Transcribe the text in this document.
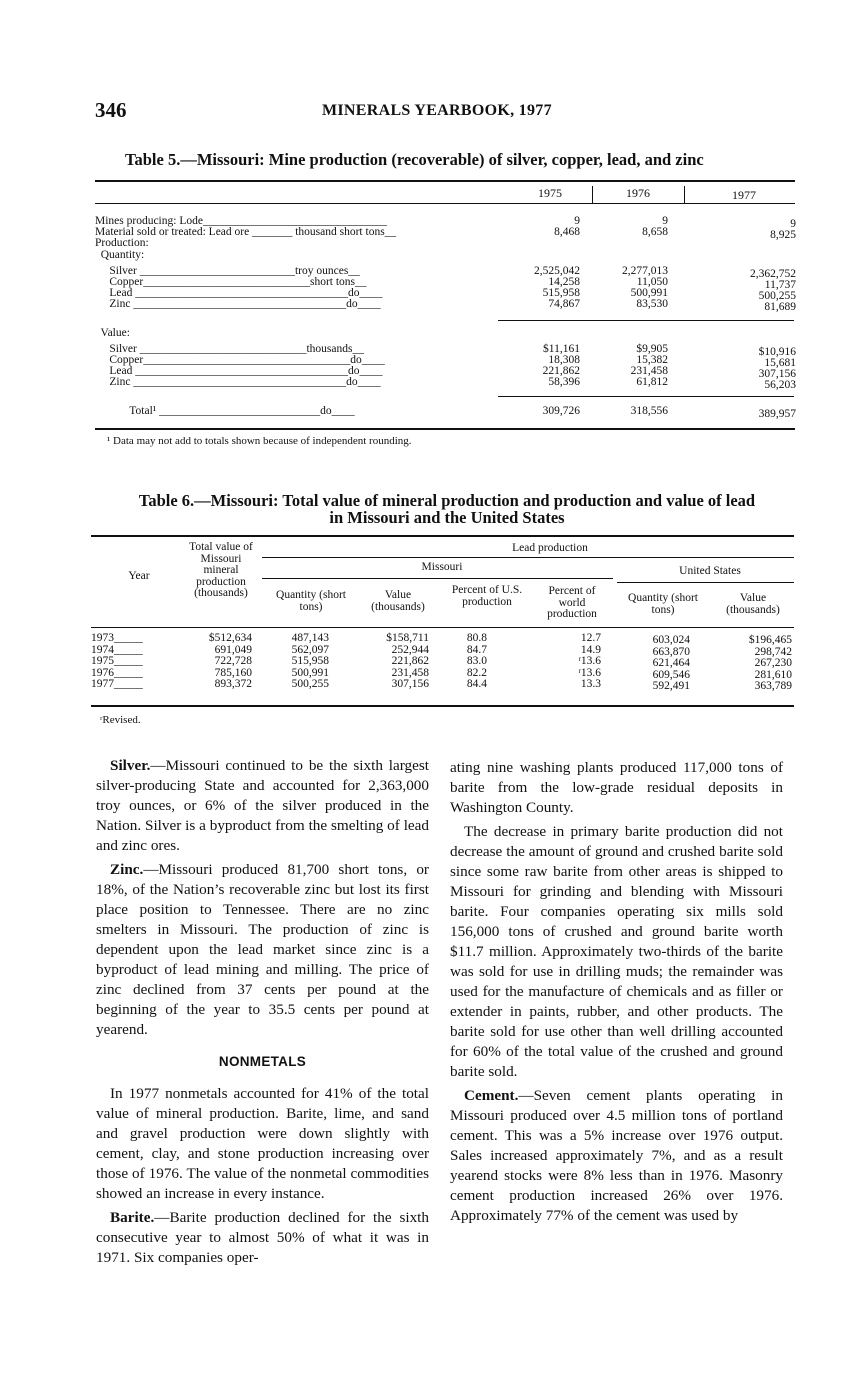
346	MINERALS YEARBOOK, 1977
Table 5.—Missouri: Mine production (recoverable) of silver, copper, lead, and zinc
1975	1976	1977
Mines producing: Lode________________________________	9	9	9
Material sold or treated: Lead ore _______ thousand short tons__	8,468	8,658	8,925
Production:
Quantity:
Silver ___________________________troy ounces__	2,525,042	2,277,013	2,362,752
Copper_____________________________short tons__	14,258	11,050	11,737
Lead _____________________________________do____	515,958	500,991	500,255
Zinc _____________________________________do____	74,867	83,530	81,689
Value:
Silver _____________________________thousands__	$11,161	$9,905	$10,916
Copper____________________________________do____	18,308	15,382	15,681
Lead _____________________________________do____	221,862	231,458	307,156
Zinc _____________________________________do____	58,396	61,812	56,203
Total¹ ____________________________do____	309,726	318,556	389,957
¹ Data may not add to totals shown because of independent rounding.
Table 6.—Missouri: Total value of mineral production and production and value of lead
in Missouri and the United States
Year
Total value of Missouri mineral production (thousands)
Lead production
Missouri	United States
Quantity (short tons)
Value (thousands)
Percent of U.S. production
Percent of world production
Quantity (short tons)
Value (thousands)
1973_____	$512,634	487,143	$158,711	80.8	12.7	603,024	$196,465
1974_____	691,049	562,097	252,944	84.7	14.9	663,870	298,742
1975_____	722,728	515,958	221,862	83.0	ʳ13.6	621,464	267,230
1976_____	785,160	500,991	231,458	82.2	ʳ13.6	609,546	281,610
1977_____	893,372	500,255	307,156	84.4	13.3	592,491	363,789
ʳRevised.

Silver.—Missouri continued to be the sixth largest silver-producing State and accounted for 2,363,000 troy ounces, or 6% of the silver produced in the Nation. Silver is a byproduct from the smelting of lead and zinc ores.

Zinc.—Missouri produced 81,700 short tons, or 18%, of the Nation’s recoverable zinc but lost its first place position to Tennessee. There are no zinc smelters in Missouri. The production of zinc is dependent upon the lead market since zinc is a byproduct of lead mining and milling. The price of zinc declined from 37 cents per pound at the beginning of the year to 35.5 cents per pound at yearend.

NONMETALS

In 1977 nonmetals accounted for 41% of the total value of mineral production. Barite, lime, and sand and gravel production were down slightly with cement, clay, and stone production increasing over those of 1976. The value of the nonmetal commodities showed an increase in every instance.

Barite.—Barite production declined for the sixth consecutive year to almost 50% of what it was in 1971. Six companies oper-

ating nine washing plants produced 117,000 tons of barite from the low-grade residual deposits in Washington County.

The decrease in primary barite production did not decrease the amount of ground and crushed barite sold since some raw barite from other areas is shipped to Missouri for grinding and blending with Missouri barite. Four companies operating six mills sold 156,000 tons of crushed and ground barite worth $11.7 million. Approximately two-thirds of the barite was sold for use in drilling muds; the remainder was used for the manufacture of chemicals and as filler or extender in paints, rubber, and other products. The barite sold for use other than well drilling accounted for 60% of the total value of the crushed and ground barite sold.

Cement.—Seven cement plants operating in Missouri produced over 4.5 million tons of portland cement. This was a 5% increase over 1976 output. Sales increased approximately 7%, and as a result yearend stocks were 8% less than in 1976. Masonry cement production increased 26% over 1976. Approximately 77% of the cement was used by
